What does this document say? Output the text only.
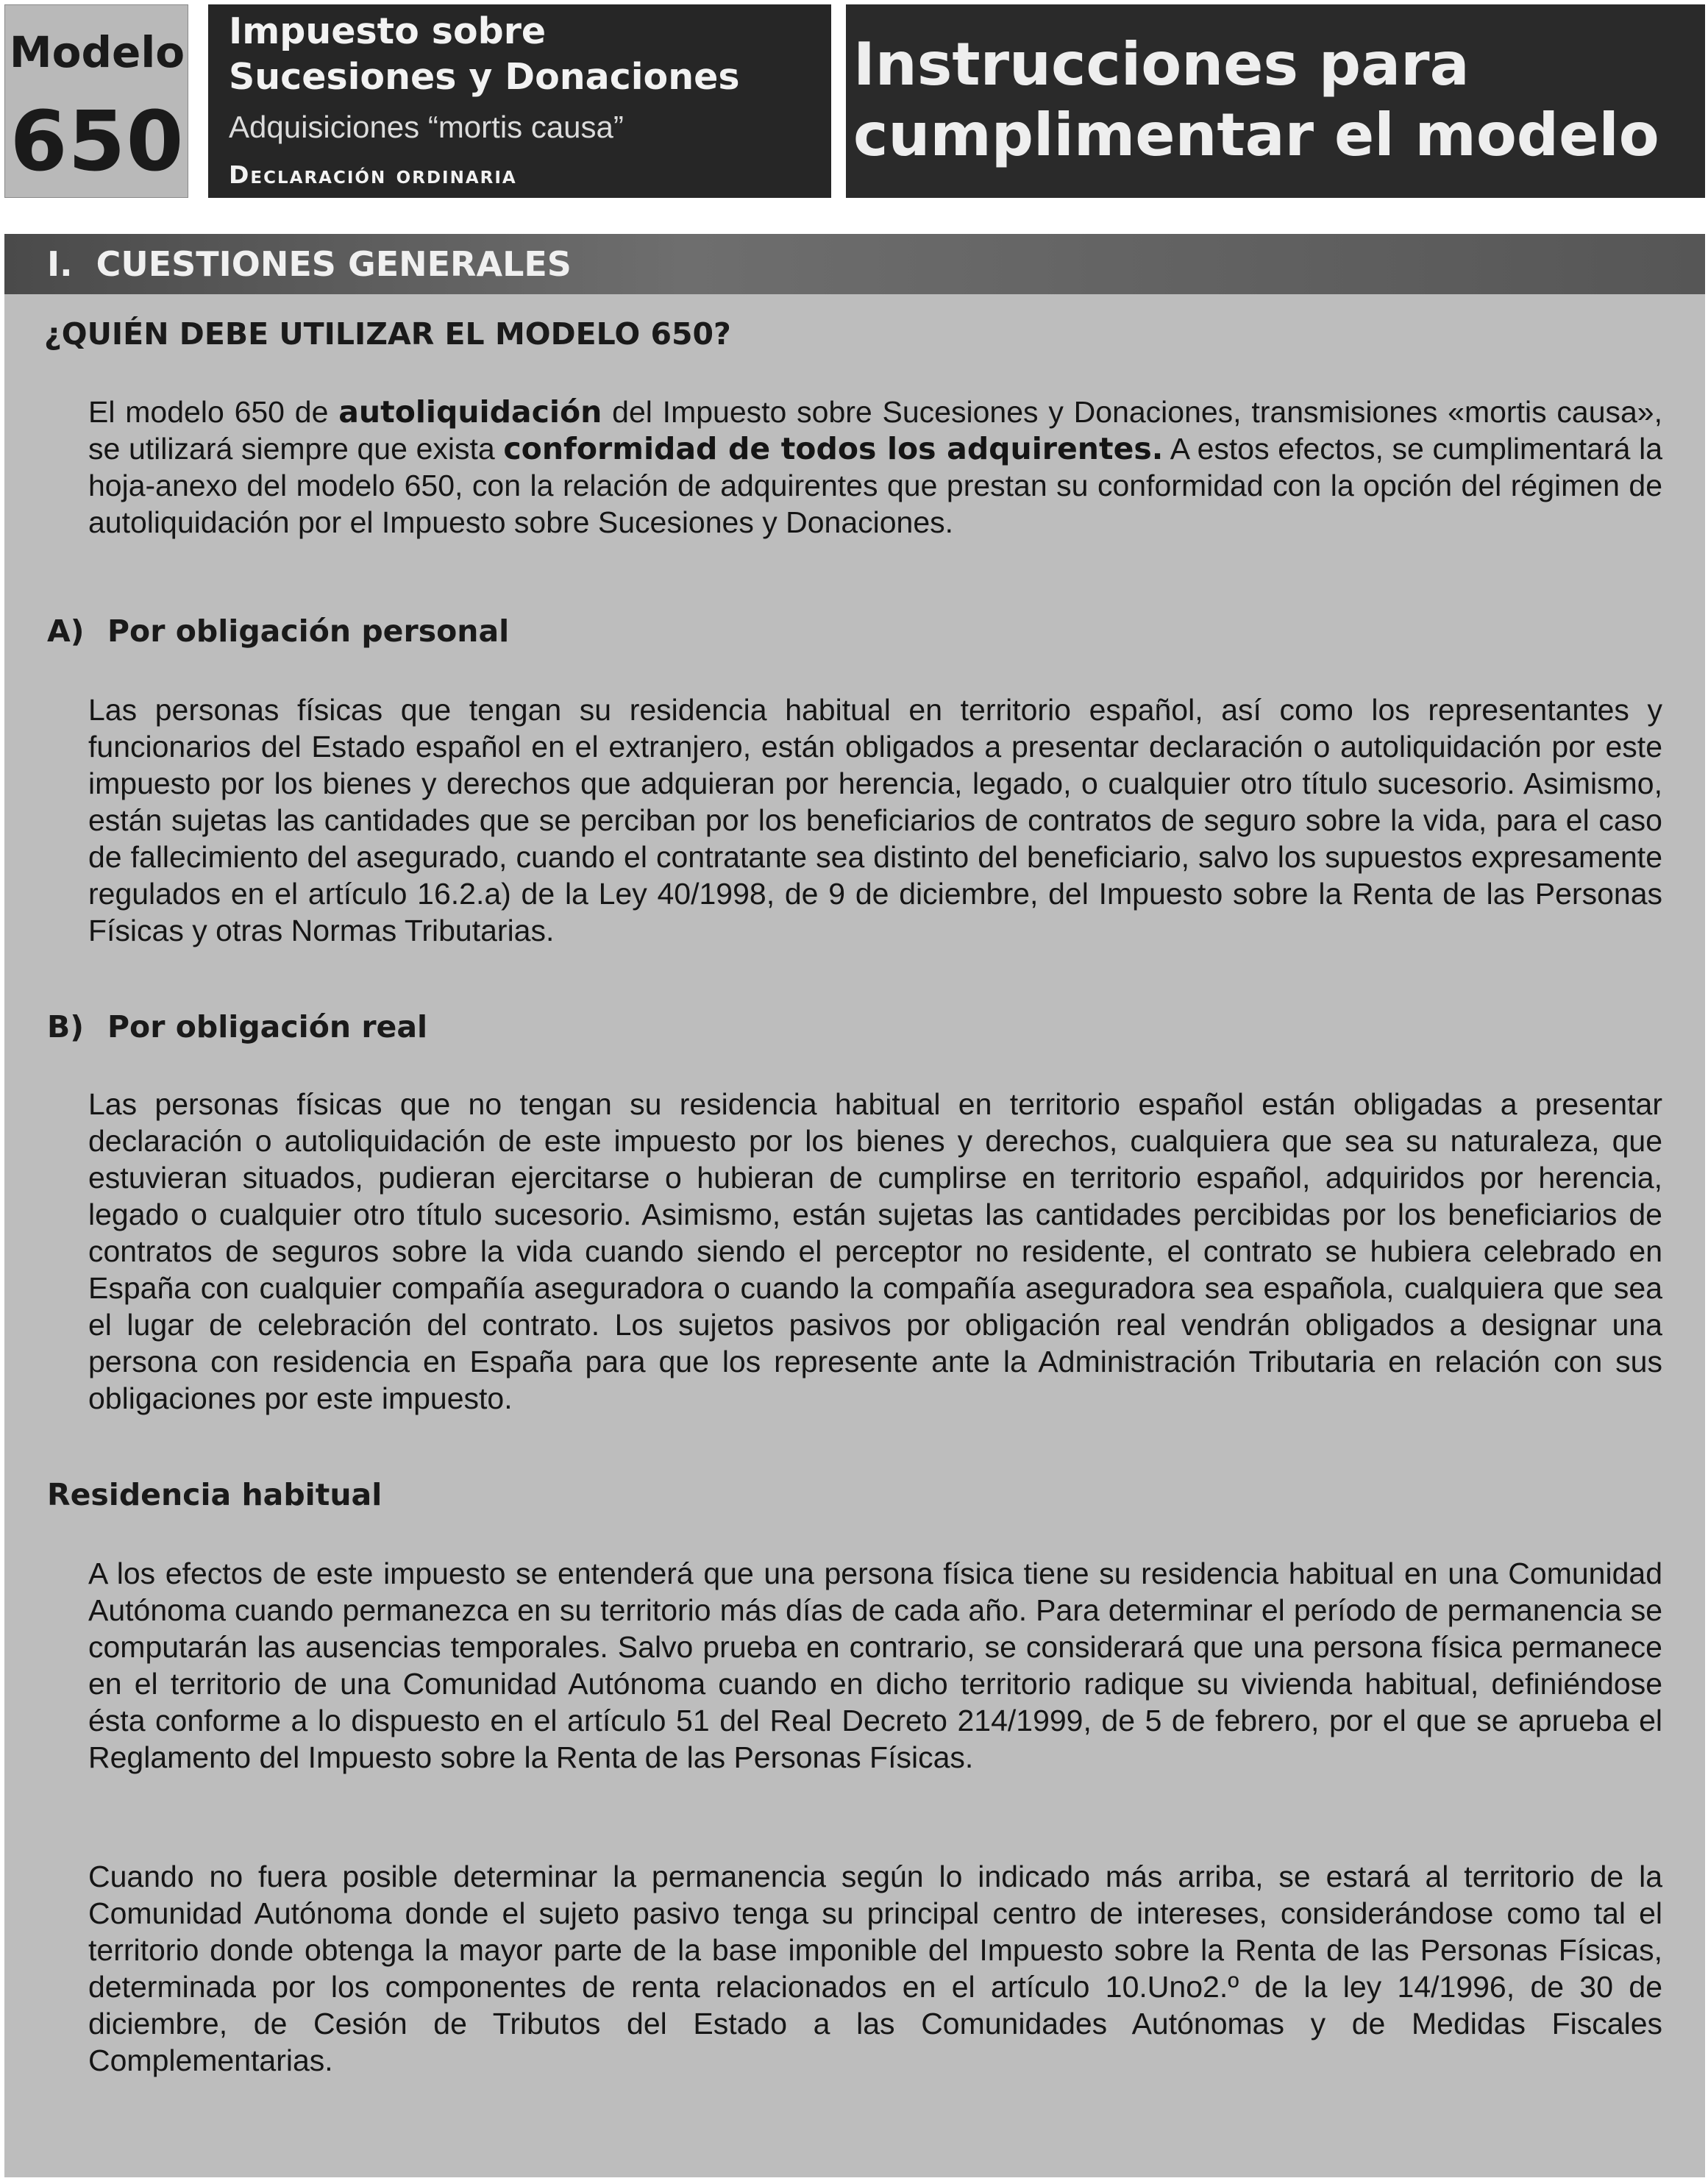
Modelo
650
Impuesto sobre
Sucesiones y Donaciones
Adquisiciones “mortis causa”
Declaración ordinaria
Instrucciones para
cumplimentar el modelo
I.  CUESTIONES GENERALES
¿QUIÉN DEBE UTILIZAR EL MODELO 650?
El modelo 650 de autoliquidación del Impuesto sobre Sucesiones y Donaciones, transmisiones «mortis causa», se utilizará siempre que exista conformidad de todos los adquirentes. A estos efectos, se cumplimentará la hoja-anexo del modelo 650, con la relación de adquirentes que prestan su conformidad con la opción del régimen de autoliquidación por el Impuesto sobre Sucesiones y Donaciones.
A) Por obligación personal
Las personas físicas que tengan su residencia habitual en territorio español, así como los representantes y funcionarios del Estado español en el extranjero, están obligados a presentar declaración o autoliquidación por este impuesto por los bienes y derechos que adquieran por herencia, legado, o cualquier otro título sucesorio. Asimismo, están sujetas las cantidades que se perciban por los beneficiarios de contratos de seguro sobre la vida, para el caso de fallecimiento del asegurado, cuando el contratante sea distinto del beneficiario, salvo los supuestos expresamente regulados en el artículo 16.2.a) de la Ley 40/1998, de 9 de diciembre, del Impuesto sobre la Renta de las Personas Físicas y otras Normas Tributarias.
B) Por obligación real
Las personas físicas que no tengan su residencia habitual en territorio español están obligadas a presentar declaración o autoliquidación de este impuesto por los bienes y derechos, cualquiera que sea su naturaleza, que estuvieran situados, pudieran ejercitarse o hubieran de cumplirse en territorio español, adquiridos por herencia, legado o cualquier otro título sucesorio. Asimismo, están sujetas las cantidades percibidas por los beneficiarios de contratos de seguros sobre la vida cuando siendo el perceptor no residente, el contrato se hubiera celebrado en España con cualquier compañía aseguradora o cuando la compañía aseguradora sea española, cualquiera que sea el lugar de celebración del contrato. Los sujetos pasivos por obligación real vendrán obligados a designar una persona con residencia en España para que los represente ante la Administración Tributaria en relación con sus obligaciones por este impuesto.
Residencia habitual
A los efectos de este impuesto se entenderá que una persona física tiene su residencia habitual en una Comunidad Autónoma cuando permanezca en su territorio más días de cada año. Para determinar el período de permanencia se computarán las ausencias temporales. Salvo prueba en contrario, se considerará que una persona física permanece en el territorio de una Comunidad Autónoma cuando en dicho territorio radique su vivienda habitual, definiéndose ésta conforme a lo dispuesto en el artículo 51 del Real Decreto 214/1999, de 5 de febrero, por el que se aprueba el Reglamento del Impuesto sobre la Renta de las Personas Físicas.
Cuando no fuera posible determinar la permanencia según lo indicado más arriba, se estará al territorio de la Comunidad Autónoma donde el sujeto pasivo tenga su principal centro de intereses, considerándose como tal el territorio donde obtenga la mayor parte de la base imponible del Impuesto sobre la Renta de las Personas Físicas, determinada por los componentes de renta relacionados en el artículo 10.Uno2.º de la ley 14/1996, de 30 de diciembre, de Cesión de Tributos del Estado a las Comunidades Autónomas y de Medidas Fiscales Complementarias.
